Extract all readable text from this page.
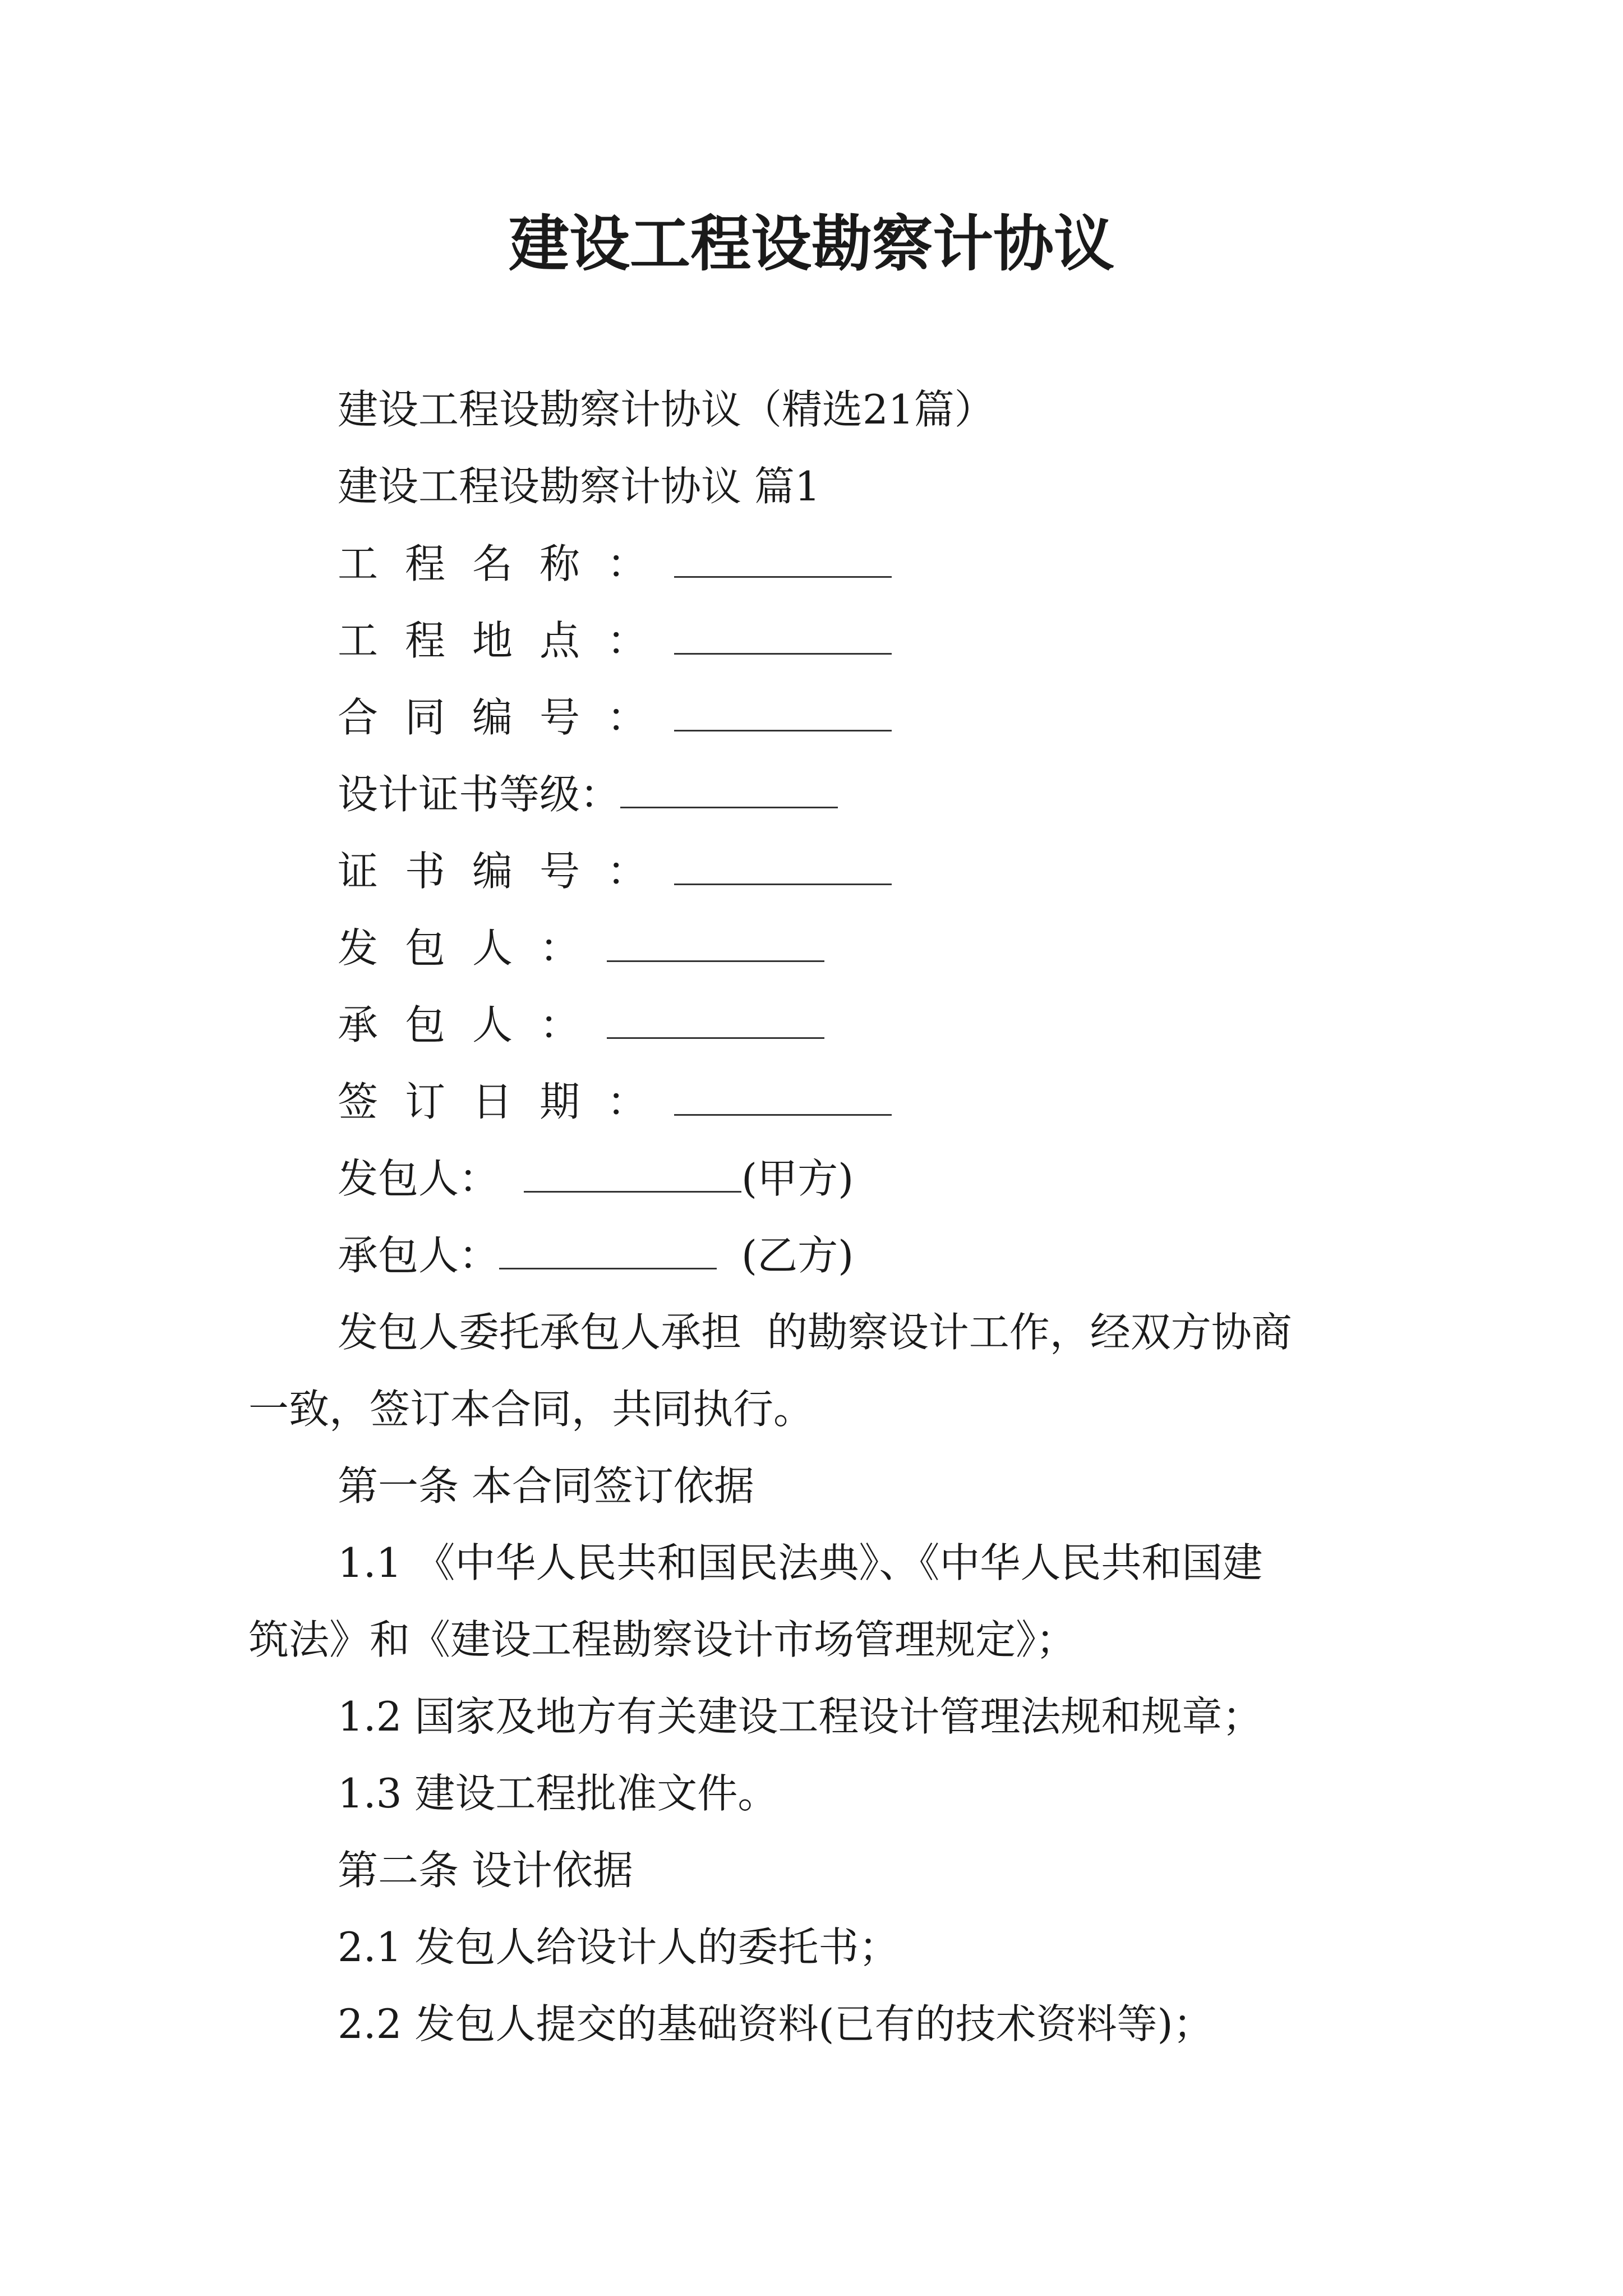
建设工程设勘察计协议
建设工程设勘察计协议（精选21篇）
建设工程设勘察计协议 篇1
工程名称：
工程地点：
合同编号：
设计证书等级：
证书编号：
发包人：
承包人：
签订日期：
发包人：	(甲方)
承包人：	(乙方)
发包人委托承包人承担  的勘察设计工作，经双方协商
一致，签订本合同，共同执行。
第一条 本合同签订依据
1.1 《中华人民共和国民法典》、《中华人民共和国建
筑法》和《建设工程勘察设计市场管理规定》；
1.2 国家及地方有关建设工程设计管理法规和规章；
1.3 建设工程批准文件。
第二条 设计依据
2.1 发包人给设计人的委托书；
2.2 发包人提交的基础资料(已有的技术资料等)；
